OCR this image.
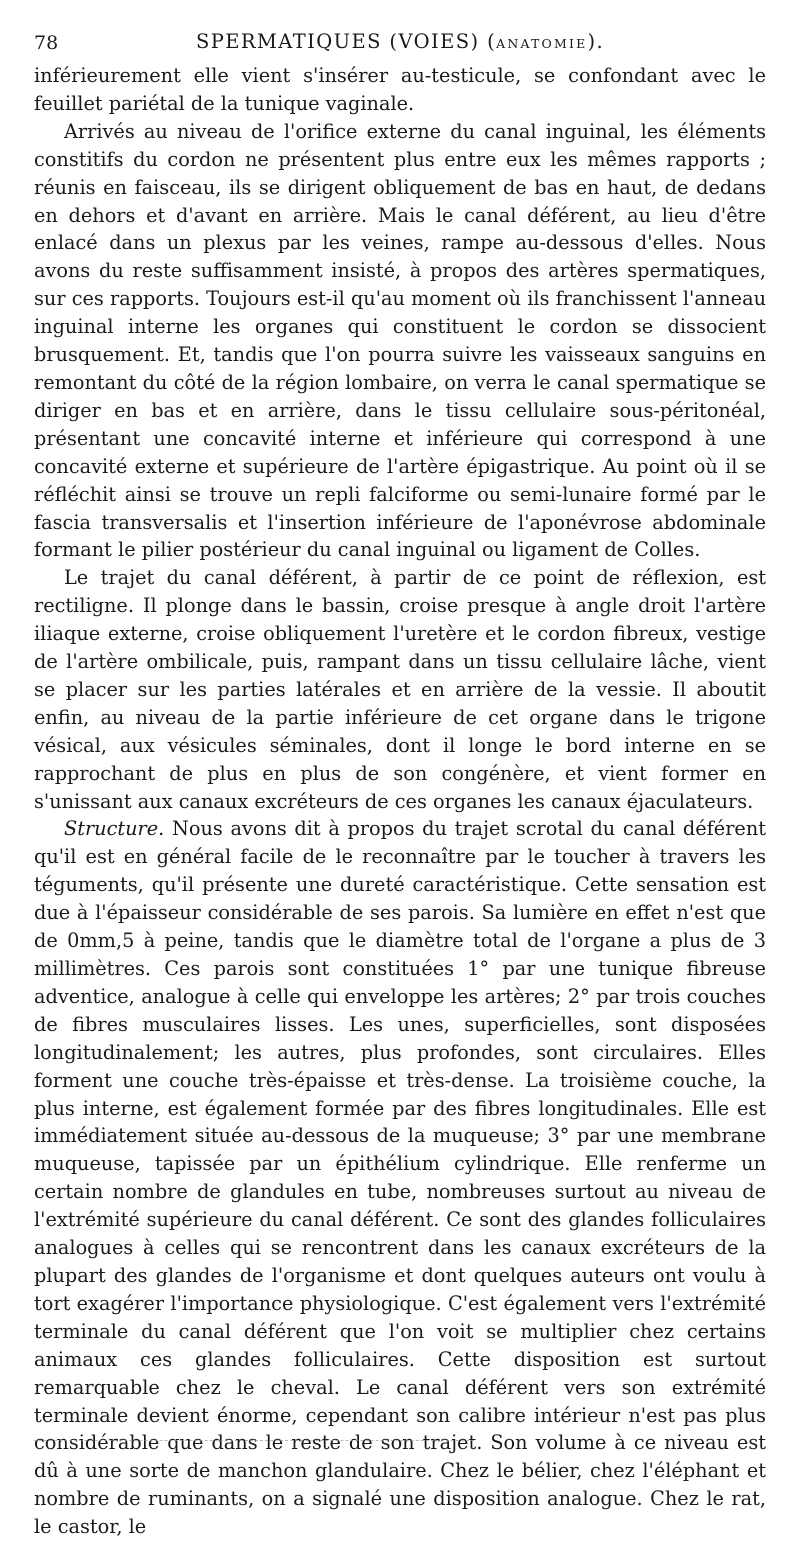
78	SPERMATIQUES (VOIES) (ANATOMIE).

inférieurement elle vient s'insérer au-testicule, se confondant avec le feuillet pariétal de la tunique vaginale.

Arrivés au niveau de l'orifice externe du canal inguinal, les éléments constitifs du cordon ne présentent plus entre eux les mêmes rapports ; réunis en faisceau, ils se dirigent obliquement de bas en haut, de dedans en dehors et d'avant en arrière. Mais le canal déférent, au lieu d'être enlacé dans un plexus par les veines, rampe au-dessous d'elles. Nous avons du reste suffisamment insisté, à propos des artères spermatiques, sur ces rapports. Toujours est-il qu'au moment où ils franchissent l'anneau inguinal interne les organes qui constituent le cordon se dissocient brusquement. Et, tandis que l'on pourra suivre les vaisseaux sanguins en remontant du côté de la région lombaire, on verra le canal spermatique se diriger en bas et en arrière, dans le tissu cellulaire sous-péritonéal, présentant une concavité interne et inférieure qui correspond à une concavité externe et supérieure de l'artère épigastrique. Au point où il se réfléchit ainsi se trouve un repli falciforme ou semi-lunaire formé par le fascia transversalis et l'insertion inférieure de l'aponévrose abdominale formant le pilier postérieur du canal inguinal ou ligament de Colles.

Le trajet du canal déférent, à partir de ce point de réflexion, est rectiligne. Il plonge dans le bassin, croise presque à angle droit l'artère iliaque externe, croise obliquement l'uretère et le cordon fibreux, vestige de l'artère ombilicale, puis, rampant dans un tissu cellulaire lâche, vient se placer sur les parties latérales et en arrière de la vessie. Il aboutit enfin, au niveau de la partie inférieure de cet organe dans le trigone vésical, aux vésicules séminales, dont il longe le bord interne en se rapprochant de plus en plus de son congénère, et vient former en s'unissant aux canaux excréteurs de ces organes les canaux éjaculateurs.

Structure. Nous avons dit à propos du trajet scrotal du canal déférent qu'il est en général facile de le reconnaître par le toucher à travers les téguments, qu'il présente une dureté caractéristique. Cette sensation est due à l'épaisseur considérable de ses parois. Sa lumière en effet n'est que de 0mm,5 à peine, tandis que le diamètre total de l'organe a plus de 3 millimètres. Ces parois sont constituées 1° par une tunique fibreuse adventice, analogue à celle qui enveloppe les artères; 2° par trois couches de fibres musculaires lisses. Les unes, superficielles, sont disposées longitudinalement; les autres, plus profondes, sont circulaires. Elles forment une couche très-épaisse et très-dense. La troisième couche, la plus interne, est également formée par des fibres longitudinales. Elle est immédiatement située au-dessous de la muqueuse; 3° par une membrane muqueuse, tapissée par un épithélium cylindrique. Elle renferme un certain nombre de glandules en tube, nombreuses surtout au niveau de l'extrémité supérieure du canal déférent. Ce sont des glandes folliculaires analogues à celles qui se rencontrent dans les canaux excréteurs de la plupart des glandes de l'organisme et dont quelques auteurs ont voulu à tort exagérer l'importance physiologique. C'est également vers l'extrémité terminale du canal déférent que l'on voit se multiplier chez certains animaux ces glandes folliculaires. Cette disposition est surtout remarquable chez le cheval. Le canal déférent vers son extrémité terminale devient énorme, cependant son calibre intérieur n'est pas plus considérable que dans le reste de son trajet. Son volume à ce niveau est dû à une sorte de manchon glandulaire. Chez le bélier, chez l'éléphant et nombre de ruminants, on a signalé une disposition analogue. Chez le rat, le castor, le
